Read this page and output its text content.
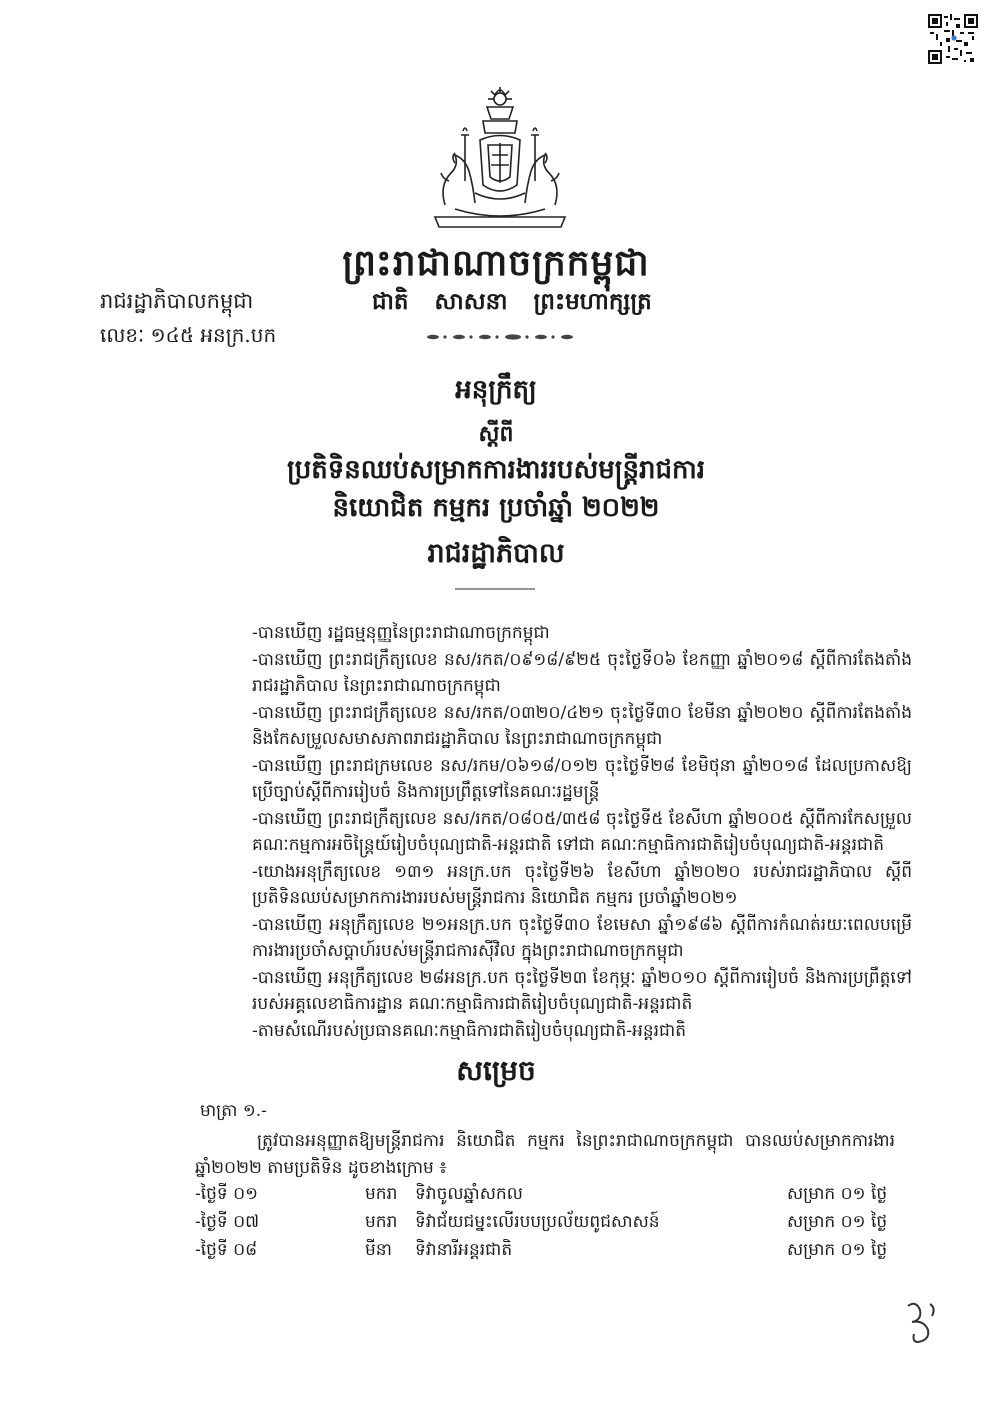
ព្រះរាជាណាចក្រកម្ពុជា
រាជរដ្ឋាភិបាលកម្ពុជា	ជាតិ សាសនា ព្រះមហាក្សត្រ
លេខៈ ១៤៥ អនក្រ.បក
អនុក្រឹត្យ
ស្តីពី
ប្រតិទិនឈប់សម្រាកការងាររបស់មន្ត្រីរាជការ
និយោជិត កម្មករ ប្រចាំឆ្នាំ ២០២២
រាជរដ្ឋាភិបាល

-បានឃើញ រដ្ឋធម្មនុញ្ញនៃព្រះរាជាណាចក្រកម្ពុជា

-បានឃើញ ព្រះរាជក្រឹត្យលេខ នស/រកត/០៩១៨/៩២៥ ចុះថ្ងៃទី០៦ ខែកញ្ញា ឆ្នាំ២០១៨ ស្តីពីការតែងតាំងរាជរដ្ឋាភិបាល នៃព្រះរាជាណាចក្រកម្ពុជា

-បានឃើញ ព្រះរាជក្រឹត្យលេខ នស/រកត/០៣២០/៤២១ ចុះថ្ងៃទី៣០ ខែមីនា ឆ្នាំ២០២០ ស្តីពីការតែងតាំងនិងកែសម្រួលសមាសភាពរាជរដ្ឋាភិបាល នៃព្រះរាជាណាចក្រកម្ពុជា

-បានឃើញ ព្រះរាជក្រមលេខ នស/រកម/០៦១៨/០១២ ចុះថ្ងៃទី២៨ ខែមិថុនា ឆ្នាំ២០១៨ ដែលប្រកាសឱ្យប្រើច្បាប់ស្តីពីការរៀបចំ និងការប្រព្រឹត្តទៅនៃគណៈរដ្ឋមន្ត្រី

-បានឃើញ ព្រះរាជក្រឹត្យលេខ នស/រកត/០៨០៥/៣៥៨ ចុះថ្ងៃទី៥ ខែសីហា ឆ្នាំ២០០៥ ស្តីពីការកែសម្រួលគណៈកម្មការអចិន្ត្រៃយ៍រៀបចំបុណ្យជាតិ-អន្តរជាតិ ទៅជា គណៈកម្មាធិការជាតិរៀបចំបុណ្យជាតិ-អន្តរជាតិ

-យោងអនុក្រឹត្យលេខ ១៣១ អនក្រ.បក ចុះថ្ងៃទី២៦ ខែសីហា ឆ្នាំ២០២០ របស់រាជរដ្ឋាភិបាល ស្តីពីប្រតិទិនឈប់សម្រាកការងាររបស់មន្ត្រីរាជការ និយោជិត កម្មករ ប្រចាំឆ្នាំ២០២១

-បានឃើញ អនុក្រឹត្យលេខ ២១អនក្រ.បក ចុះថ្ងៃទី៣០ ខែមេសា ឆ្នាំ១៩៨៦ ស្តីពីការកំណត់រយៈពេលបម្រើការងារប្រចាំសប្តាហ៍របស់មន្ត្រីរាជការស៊ីវិល ក្នុងព្រះរាជាណាចក្រកម្ពុជា

-បានឃើញ អនុក្រឹត្យលេខ ២៨អនក្រ.បក ចុះថ្ងៃទី២៣ ខែកុម្ភៈ ឆ្នាំ២០១០ ស្តីពីការរៀបចំ និងការប្រព្រឹត្តទៅរបស់អគ្គលេខាធិការដ្ឋាន គណៈកម្មាធិការជាតិរៀបចំបុណ្យជាតិ-អន្តរជាតិ

-តាមសំណើរបស់ប្រធានគណៈកម្មាធិការជាតិរៀបចំបុណ្យជាតិ-អន្តរជាតិ

សម្រេច
មាត្រា ១.-
ត្រូវបានអនុញ្ញាតឱ្យមន្ត្រីរាជការ និយោជិត កម្មករ នៃព្រះរាជាណាចក្រកម្ពុជា បានឈប់សម្រាកការងារ ឆ្នាំ២០២២ តាមប្រតិទិន ដូចខាងក្រោម ៖
-ថ្ងៃទី ០១	មករា ទិវាចូលឆ្នាំសកល	សម្រាក ០១ ថ្ងៃ
-ថ្ងៃទី ០៧	មករា ទិវាជ័យជម្នះលើរបបប្រល័យពូជសាសន៍	សម្រាក ០១ ថ្ងៃ
-ថ្ងៃទី ០៨	មីនា ទិវានារីអន្តរជាតិ	សម្រាក ០១ ថ្ងៃ
